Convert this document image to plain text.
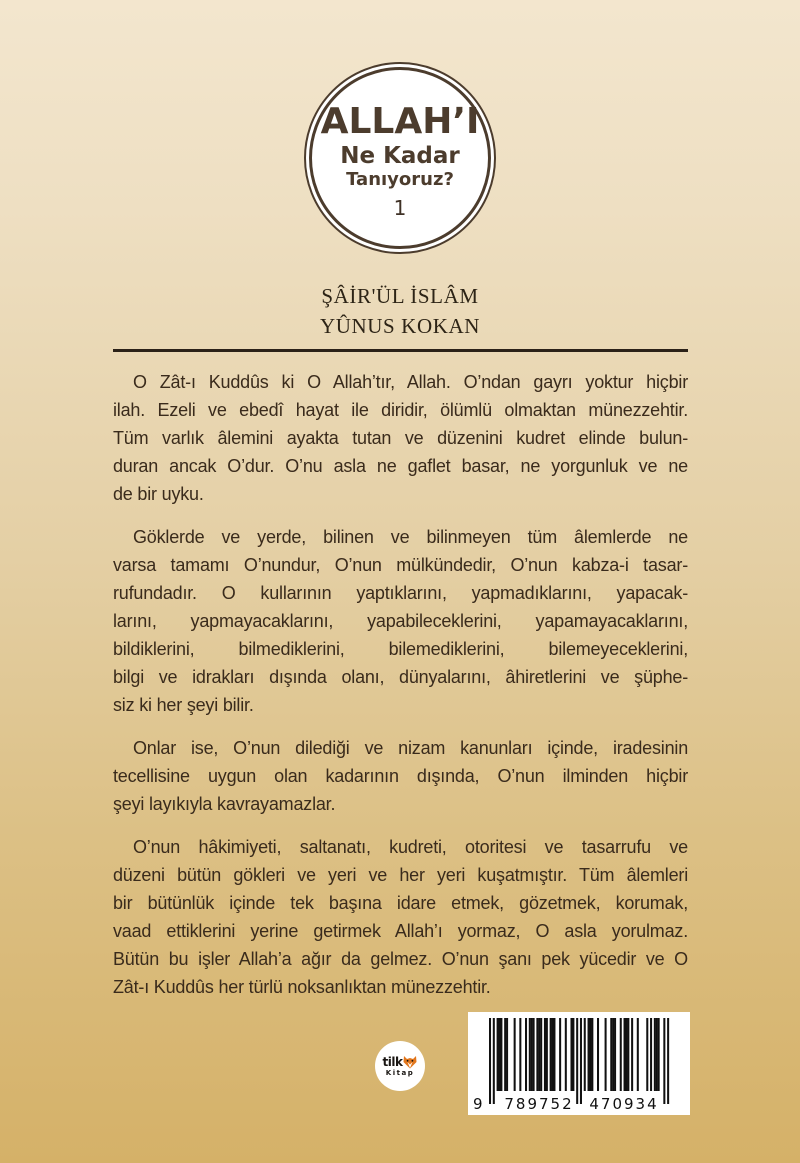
ALLAH’I
Ne Kadar
Tanıyoruz?
1
ŞÂİR'ÜL İSLÂM
YÛNUS KOKAN
O Zât-ı Kuddûs ki O Allah’tır, Allah. O’ndan gayrı yoktur hiçbir
ilah. Ezeli ve ebedî hayat ile diridir, ölümlü olmaktan münezzehtir.
Tüm varlık âlemini ayakta tutan ve düzenini kudret elinde bulun-
duran ancak O’dur. O’nu asla ne gaflet basar, ne yorgunluk ve ne
de bir uyku.
Göklerde ve yerde, bilinen ve bilinmeyen tüm âlemlerde ne
varsa tamamı O’nundur, O’nun mülkündedir, O’nun kabza-i tasar-
rufundadır. O kullarının yaptıklarını, yapmadıklarını, yapacak-
larını, yapmayacaklarını, yapabileceklerini, yapamayacaklarını,
bildiklerini, bilmediklerini, bilemediklerini, bilemeyeceklerini,
bilgi ve idrakları dışında olanı, dünyalarını, âhiretlerini ve şüphe-
siz ki her şeyi bilir.
Onlar ise, O’nun dilediği ve nizam kanunları içinde, iradesinin
tecellisine uygun olan kadarının dışında, O’nun ilminden hiçbir
şeyi layıkıyla kavrayamazlar.
O’nun hâkimiyeti, saltanatı, kudreti, otoritesi ve tasarrufu ve
düzeni bütün gökleri ve yeri ve her yeri kuşatmıştır. Tüm âlemleri
bir bütünlük içinde tek başına idare etmek, gözetmek, korumak,
vaad ettiklerini yerine getirmek Allah’ı yormaz, O asla yorulmaz.
Bütün bu işler Allah’a ağır da gelmez. O’nun şanı pek yücedir ve O
Zât-ı Kuddûs her türlü noksanlıktan münezzehtir.
tilk
Kitap
9 789752 470934
